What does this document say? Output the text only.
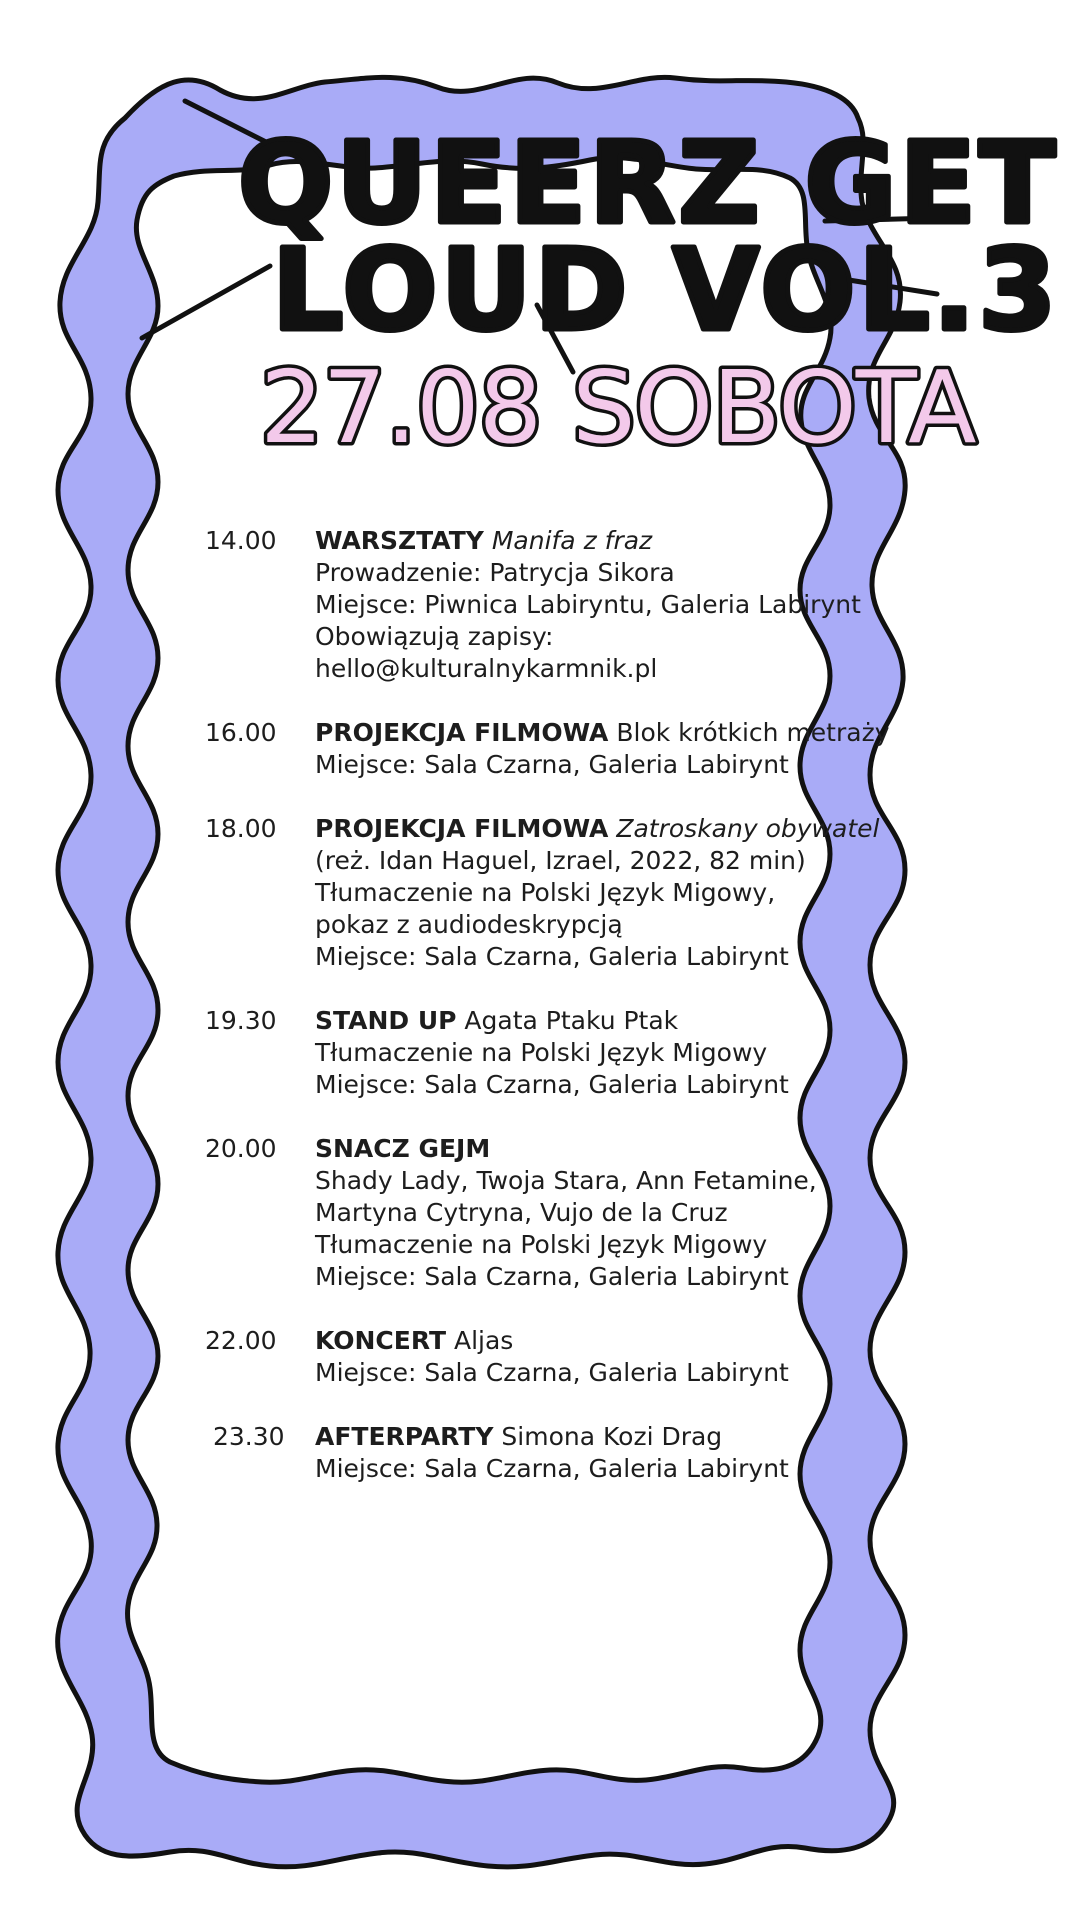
QUEERZ GET
LOUD VOL.3
27.08 SOBOTA
14.00	WARSZTATY Manifa z fraz
Prowadzenie: Patrycja Sikora
Miejsce: Piwnica Labiryntu, Galeria Labirynt
Obowiązują zapisy:
hello@kulturalnykarmnik.pl
16.00	PROJEKCJA FILMOWA Blok krótkich metraży
Miejsce: Sala Czarna, Galeria Labirynt
18.00	PROJEKCJA FILMOWA Zatroskany obywatel
(reż. Idan Haguel, Izrael, 2022, 82 min)
Tłumaczenie na Polski Język Migowy,
pokaz z audiodeskrypcją
Miejsce: Sala Czarna, Galeria Labirynt
19.30	STAND UP Agata Ptaku Ptak
Tłumaczenie na Polski Język Migowy
Miejsce: Sala Czarna, Galeria Labirynt
20.00	SNACZ GEJM
Shady Lady, Twoja Stara, Ann Fetamine,
Martyna Cytryna, Vujo de la Cruz
Tłumaczenie na Polski Język Migowy
Miejsce: Sala Czarna, Galeria Labirynt
22.00	KONCERT Aljas
Miejsce: Sala Czarna, Galeria Labirynt
23.30	AFTERPARTY Simona Kozi Drag
Miejsce: Sala Czarna, Galeria Labirynt
